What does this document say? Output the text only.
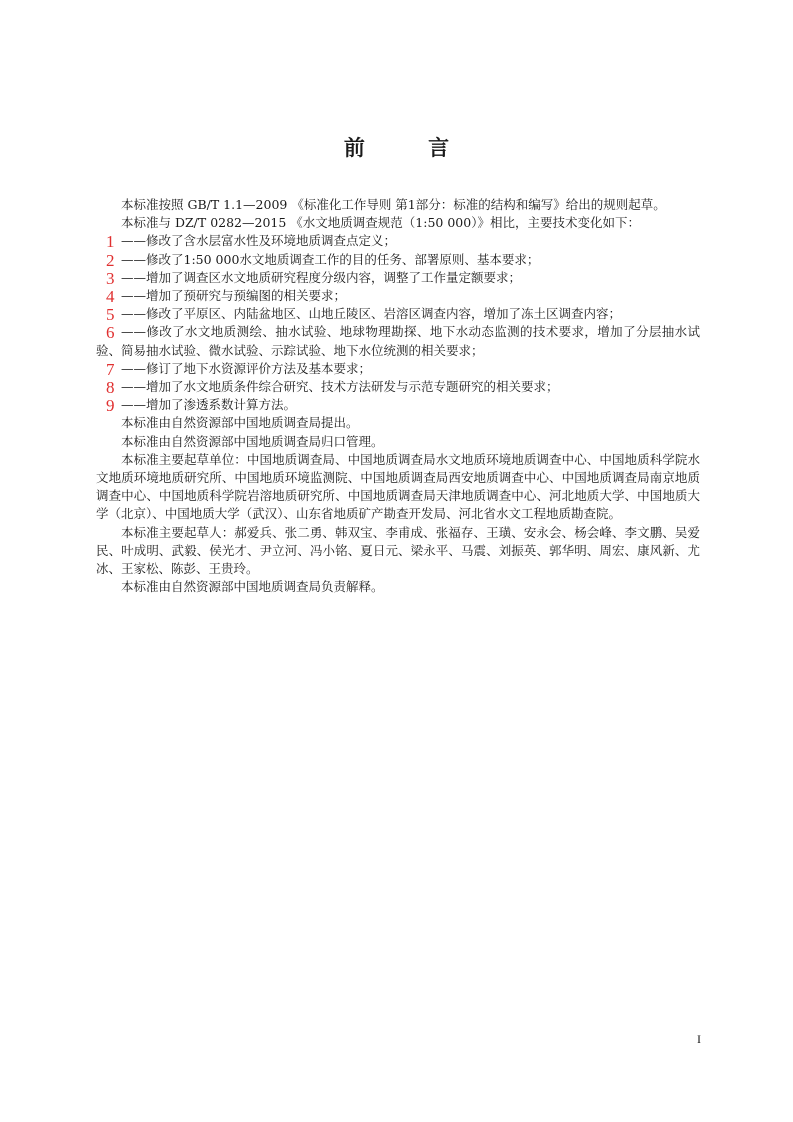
前 言

本标准按照 GB/T 1.1—2009 《标准化工作导则 第1部分：标准的结构和编写》给出的规则起草。

本标准与 DZ/T 0282—2015 《水文地质调查规范（1:50 000）》相比，主要技术变化如下：

1 ——修改了含水层富水性及环境地质调查点定义；
2 ——修改了1:50 000水文地质调查工作的目的任务、部署原则、基本要求；
3 ——增加了调查区水文地质研究程度分级内容，调整了工作量定额要求；
4 ——增加了预研究与预编图的相关要求；
5 ——修改了平原区、内陆盆地区、山地丘陵区、岩溶区调查内容，增加了冻土区调查内容；
6 ——修改了水文地质测绘、抽水试验、地球物理勘探、地下水动态监测的技术要求，增加了分层抽水试验、简易抽水试验、微水试验、示踪试验、地下水位统测的相关要求；
7 ——修订了地下水资源评价方法及基本要求；
8 ——增加了水文地质条件综合研究、技术方法研发与示范专题研究的相关要求；
9 ——增加了渗透系数计算方法。

本标准由自然资源部中国地质调查局提出。

本标准由自然资源部中国地质调查局归口管理。

本标准主要起草单位：中国地质调查局、中国地质调查局水文地质环境地质调查中心、中国地质科学院水文地质环境地质研究所、中国地质环境监测院、中国地质调查局西安地质调查中心、中国地质调查局南京地质调查中心、中国地质科学院岩溶地质研究所、中国地质调查局天津地质调查中心、河北地质大学、中国地质大学（北京）、中国地质大学（武汉）、山东省地质矿产勘查开发局、河北省水文工程地质勘查院。

本标准主要起草人：郝爱兵、张二勇、韩双宝、李甫成、张福存、王璜、安永会、杨会峰、李文鹏、吴爱民、叶成明、武毅、侯光才、尹立河、冯小铭、夏日元、梁永平、马震、刘振英、郭华明、周宏、康风新、尤冰、王家松、陈彭、王贵玲。

本标准由自然资源部中国地质调查局负责解释。

I
